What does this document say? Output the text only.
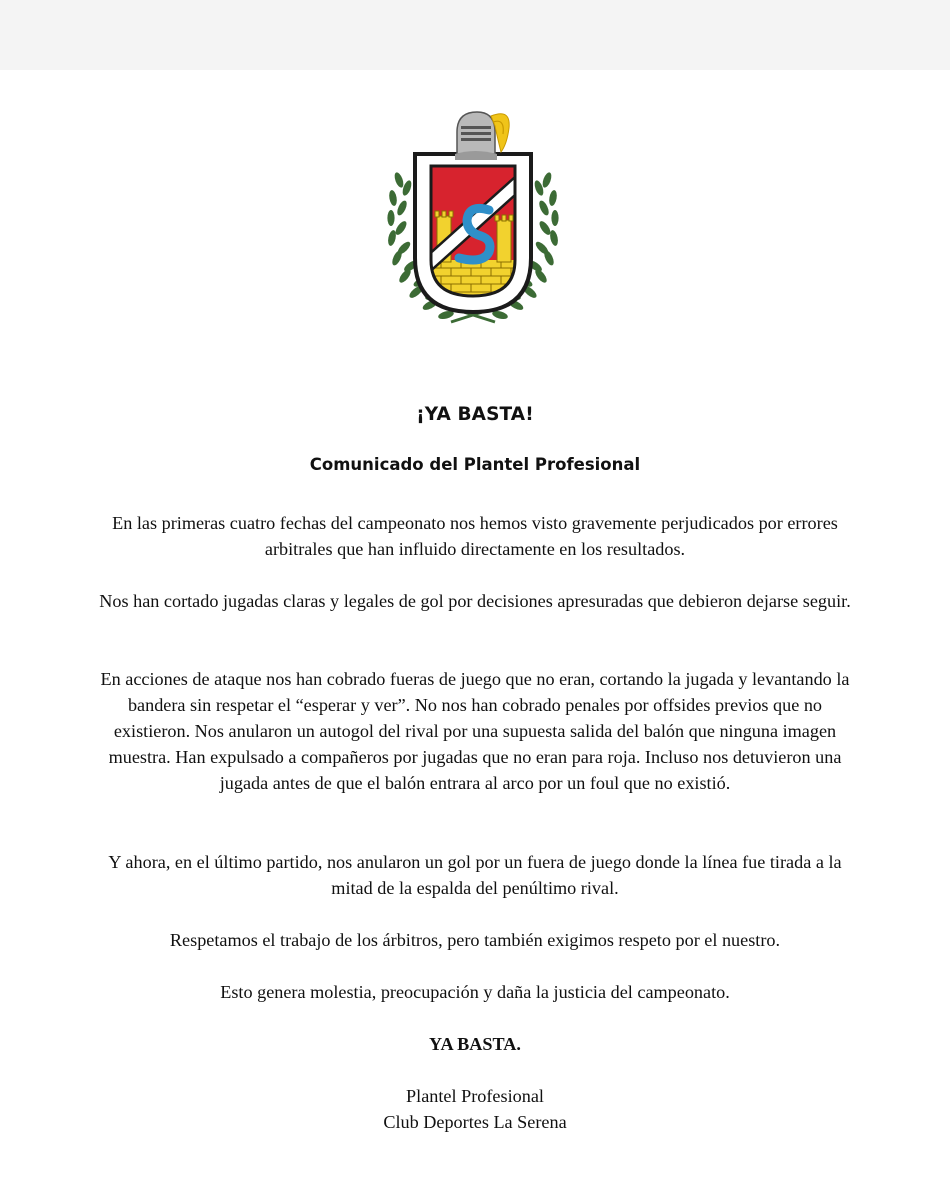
¡YA BASTA!

Comunicado del Plantel Profesional

En las primeras cuatro fechas del campeonato nos hemos visto gravemente perjudicados por errores arbitrales que han influido directamente en los resultados.

Nos han cortado jugadas claras y legales de gol por decisiones apresuradas que debieron dejarse seguir.

En acciones de ataque nos han cobrado fueras de juego que no eran, cortando la jugada y levantando la bandera sin respetar el “esperar y ver”. No nos han cobrado penales por offsides previos que no existieron. Nos anularon un autogol del rival por una supuesta salida del balón que ninguna imagen muestra. Han expulsado a compañeros por jugadas que no eran para roja. Incluso nos detuvieron una jugada antes de que el balón entrara al arco por un foul que no existió.

Y ahora, en el último partido, nos anularon un gol por un fuera de juego donde la línea fue tirada a la mitad de la espalda del penúltimo rival.

Respetamos el trabajo de los árbitros, pero también exigimos respeto por el nuestro.

Esto genera molestia, preocupación y daña la justicia del campeonato.

YA BASTA.

Plantel Profesional

Club Deportes La Serena
